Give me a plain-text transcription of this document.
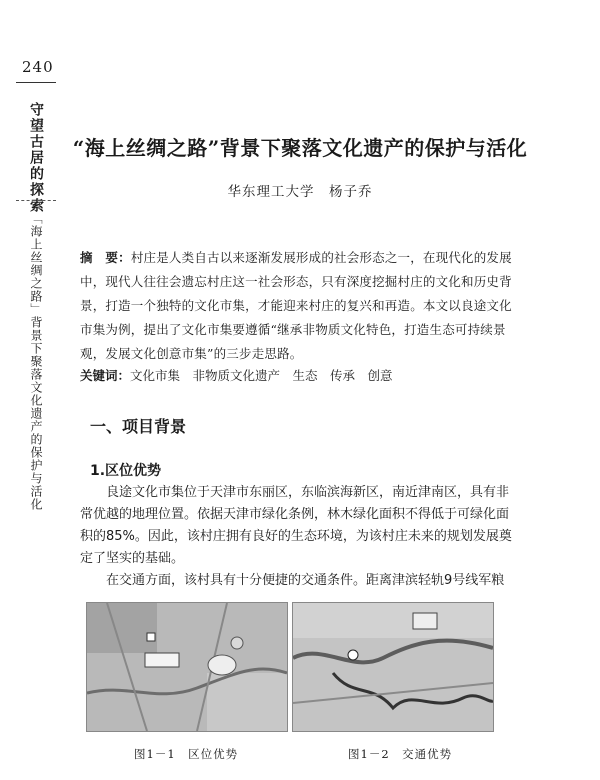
240
守望古居的探索
「海上丝绸之路」背景下聚落文化遗产的保护与活化
“海上丝绸之路”背景下聚落文化遗产的保护与活化
华东理工大学　杨子乔
摘　要：村庄是人类自古以来逐渐发展形成的社会形态之一，在现代化的发展中，现代人往往会遗忘村庄这一社会形态，只有深度挖掘村庄的文化和历史背景，打造一个独特的文化市集，才能迎来村庄的复兴和再造。本文以良途文化市集为例，提出了文化市集要遵循“继承非物质文化特色，打造生态可持续景观，发展文化创意市集”的三步走思路。
关键词：文化市集　非物质文化遗产　生态　传承　创意
一、项目背景
1.区位优势
良途文化市集位于天津市东丽区，东临滨海新区，南近津南区，具有非常优越的地理位置。依据天津市绿化条例，林木绿化面积不得低于可绿化面积的85%。因此，该村庄拥有良好的生态环境，为该村庄未来的规划发展奠定了坚实的基础。
在交通方面，该村具有十分便捷的交通条件。距离津滨轻轨9号线军粮
图1－1　区位优势	图1－2　交通优势
